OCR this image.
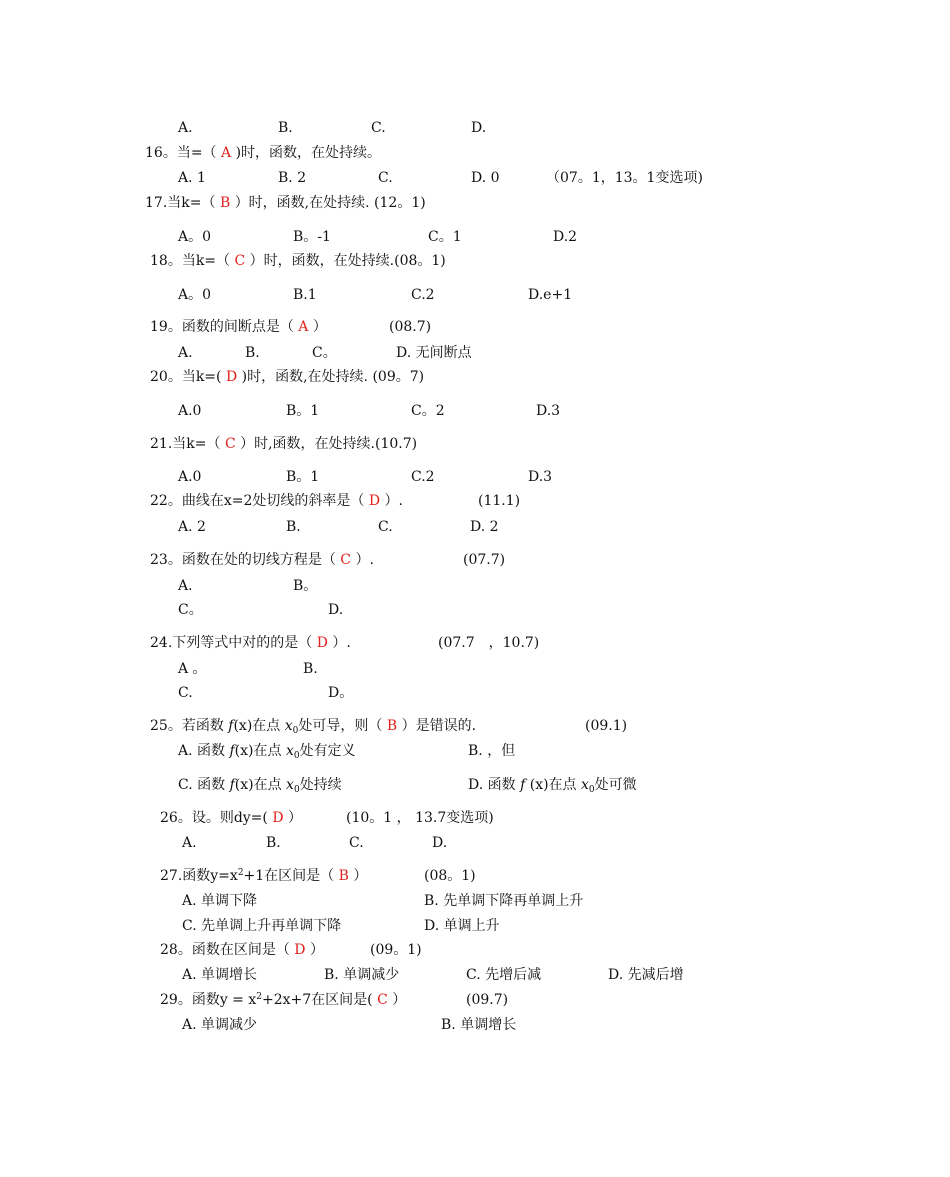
A.	B.	C.	D.
16。当=（ A )时，函数，在处持续。
A. 1	B. 2	C.	D. 0	（07。1，13。1变选项)
17.当k=（ B ）时，函数,在处持续. (12。1)
A。0	B。-1	C。1	D.2
18。当k=（ C ）时，函数，在处持续.(08。1)
A。0	B.1	C.2	D.e+1
19。函数的间断点是（ A ）	(08.7)
A.	B.	C。	D. 无间断点
20。当k=( D )时，函数,在处持续. (09。7)
A.0	B。1	C。2	D.3
21.当k=（ C ）时,函数，在处持续.(10.7)
A.0	B。1	C.2	D.3
22。曲线在x=2处切线的斜率是（ D ）.	(11.1)
A. 2	B.	C.	D. 2
23。函数在处的切线方程是（ C ）.	(07.7)
A.	B。
C。	D.
24.下列等式中对的的是（ D ）.	(07.7　，10.7)
A 。	B.
C.	D。
25。若函数 f(x)在点 $x_0$处可导，则（ B ）是错误的.	(09.1)
A. 函数 f(x)在点 $x_0$处有定义	B. ，但
C. 函数 f(x)在点 $x_0$处持续	D. 函数 f (x)在点 $x_0$处可微
26。设。则dy=( D ）	(10。1 ， 13.7变选项)
A.	B.	C.	D.
27.函数$y=x^2+1$在区间是（ B ）	(08。1)
A. 单调下降	B. 先单调下降再单调上升
C. 先单调上升再单调下降	D. 单调上升
28。函数在区间是（ D ）	(09。1)
A. 单调增长	B. 单调减少	C. 先增后减	D. 先减后增
29。函数$y = x^2+2x+7$在区间是( C ）	(09.7)
A. 单调减少	B. 单调增长
